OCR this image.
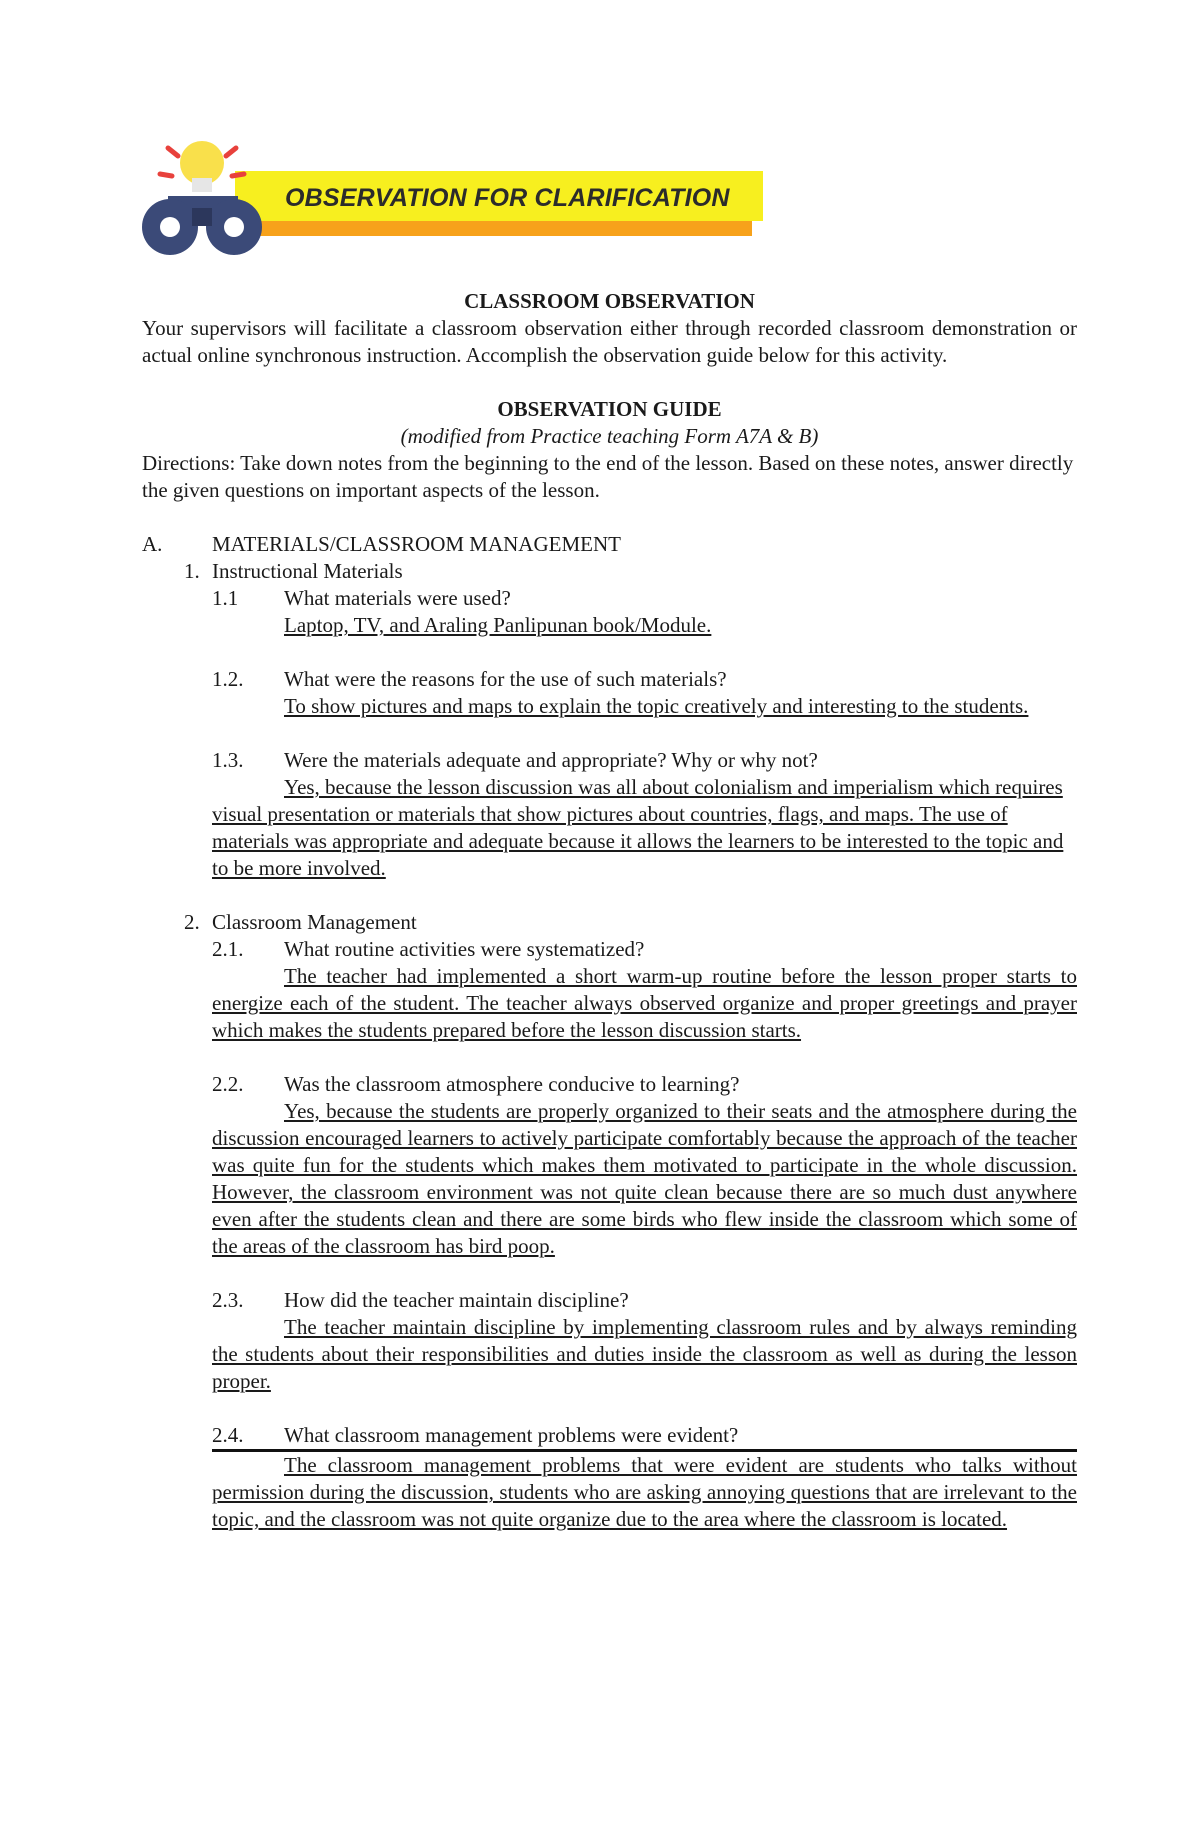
OBSERVATION FOR CLARIFICATION

CLASSROOM OBSERVATION

Your supervisors will facilitate a classroom observation either through recorded classroom demonstration or actual online synchronous instruction. Accomplish the observation guide below for this activity.

OBSERVATION GUIDE

(modified from Practice teaching Form A7A & B)

Directions: Take down notes from the beginning to the end of the lesson. Based on these notes, answer directly the given questions on important aspects of the lesson.

A.	MATERIALS/CLASSROOM MANAGEMENT
1. Instructional Materials
1.1	What materials were used?

Laptop, TV, and Araling Panlipunan book/Module.

1.2.	What were the reasons for the use of such materials?

To show pictures and maps to explain the topic creatively and interesting to the students.

1.3.	Were the materials adequate and appropriate? Why or why not?

Yes, because the lesson discussion was all about colonialism and imperialism which requires visual presentation or materials that show pictures about countries, flags, and maps. The use of materials was appropriate and adequate because it allows the learners to be interested to the topic and to be more involved.

2. Classroom Management
2.1.	What routine activities were systematized?

The teacher had implemented a short warm-up routine before the lesson proper starts to energize each of the student. The teacher always observed organize and proper greetings and prayer which makes the students prepared before the lesson discussion starts.

2.2.	Was the classroom atmosphere conducive to learning?

Yes, because the students are properly organized to their seats and the atmosphere during the discussion encouraged learners to actively participate comfortably because the approach of the teacher was quite fun for the students which makes them motivated to participate in the whole discussion. However, the classroom environment was not quite clean because there are so much dust anywhere even after the students clean and there are some birds who flew inside the classroom which some of the areas of the classroom has bird poop.

2.3.	How did the teacher maintain discipline?

The teacher maintain discipline by implementing classroom rules and by always reminding the students about their responsibilities and duties inside the classroom as well as during the lesson proper.

2.4.	What classroom management problems were evident?

The classroom management problems that were evident are students who talks without permission during the discussion, students who are asking annoying questions that are irrelevant to the topic, and the classroom was not quite organize due to the area where the classroom is located.
